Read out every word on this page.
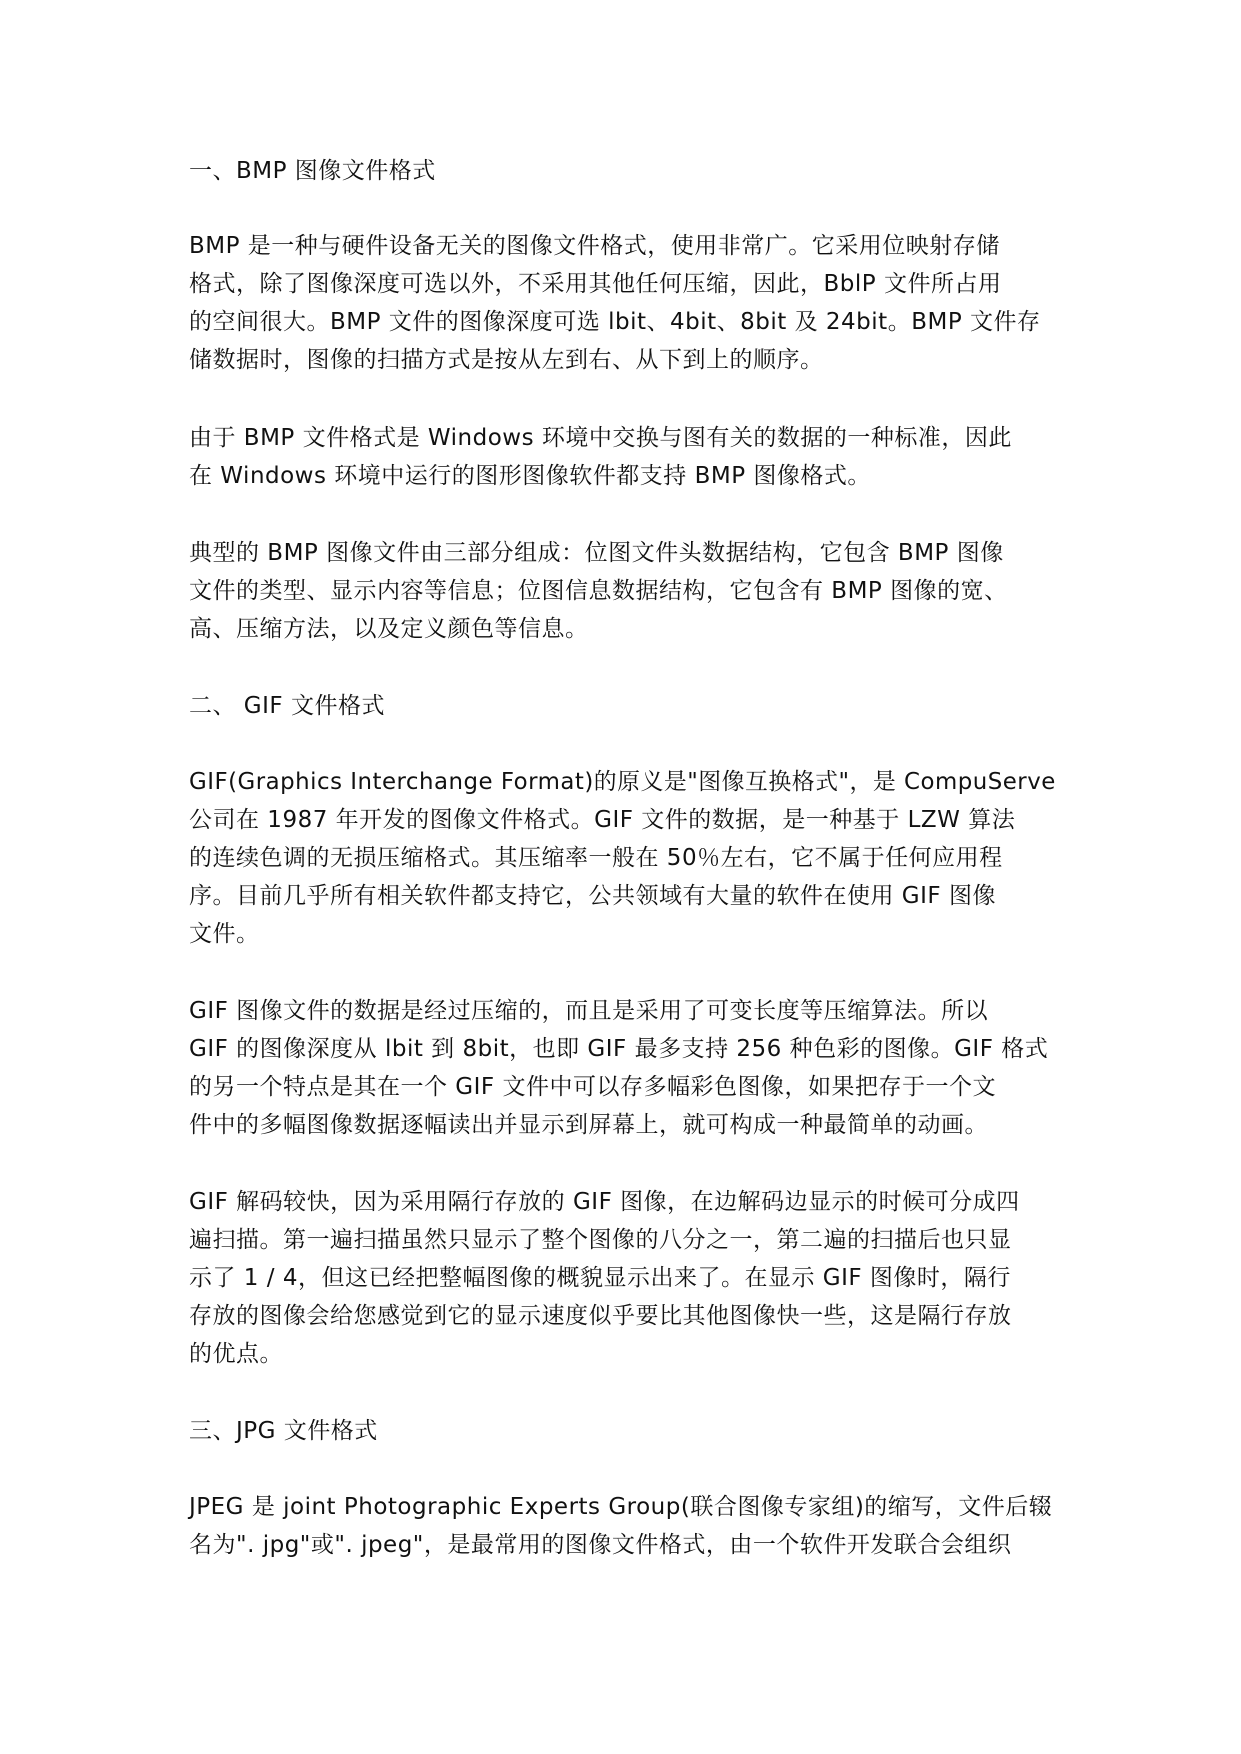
一、BMP 图像文件格式

BMP 是一种与硬件设备无关的图像文件格式，使用非常广。它采用位映射存储

格式，除了图像深度可选以外，不采用其他任何压缩，因此，BblP 文件所占用

的空间很大。BMP 文件的图像深度可选 lbit、4bit、8bit 及 24bit。BMP 文件存

储数据时，图像的扫描方式是按从左到右、从下到上的顺序。

由于 BMP 文件格式是 Windows 环境中交换与图有关的数据的一种标准，因此

在 Windows 环境中运行的图形图像软件都支持 BMP 图像格式。

典型的 BMP 图像文件由三部分组成：位图文件头数据结构，它包含 BMP 图像

文件的类型、显示内容等信息；位图信息数据结构，它包含有 BMP 图像的宽、

高、压缩方法，以及定义颜色等信息。

二、 GIF 文件格式

GIF(Graphics Interchange Format)的原义是"图像互换格式"，是 CompuServe

公司在 1987 年开发的图像文件格式。GIF 文件的数据，是一种基于 LZW 算法

的连续色调的无损压缩格式。其压缩率一般在 50％左右，它不属于任何应用程

序。目前几乎所有相关软件都支持它，公共领域有大量的软件在使用 GIF 图像

文件。

GIF 图像文件的数据是经过压缩的，而且是采用了可变长度等压缩算法。所以

GIF 的图像深度从 lbit 到 8bit，也即 GIF 最多支持 256 种色彩的图像。GIF 格式

的另一个特点是其在一个 GIF 文件中可以存多幅彩色图像，如果把存于一个文

件中的多幅图像数据逐幅读出并显示到屏幕上，就可构成一种最简单的动画。

GIF 解码较快，因为采用隔行存放的 GIF 图像，在边解码边显示的时候可分成四

遍扫描。第一遍扫描虽然只显示了整个图像的八分之一，第二遍的扫描后也只显

示了 1 / 4，但这已经把整幅图像的概貌显示出来了。在显示 GIF 图像时，隔行

存放的图像会给您感觉到它的显示速度似乎要比其他图像快一些，这是隔行存放

的优点。

三、JPG 文件格式

JPEG 是 joint Photographic Experts Group(联合图像专家组)的缩写，文件后辍

名为". jpg"或". jpeg"，是最常用的图像文件格式，由一个软件开发联合会组织
